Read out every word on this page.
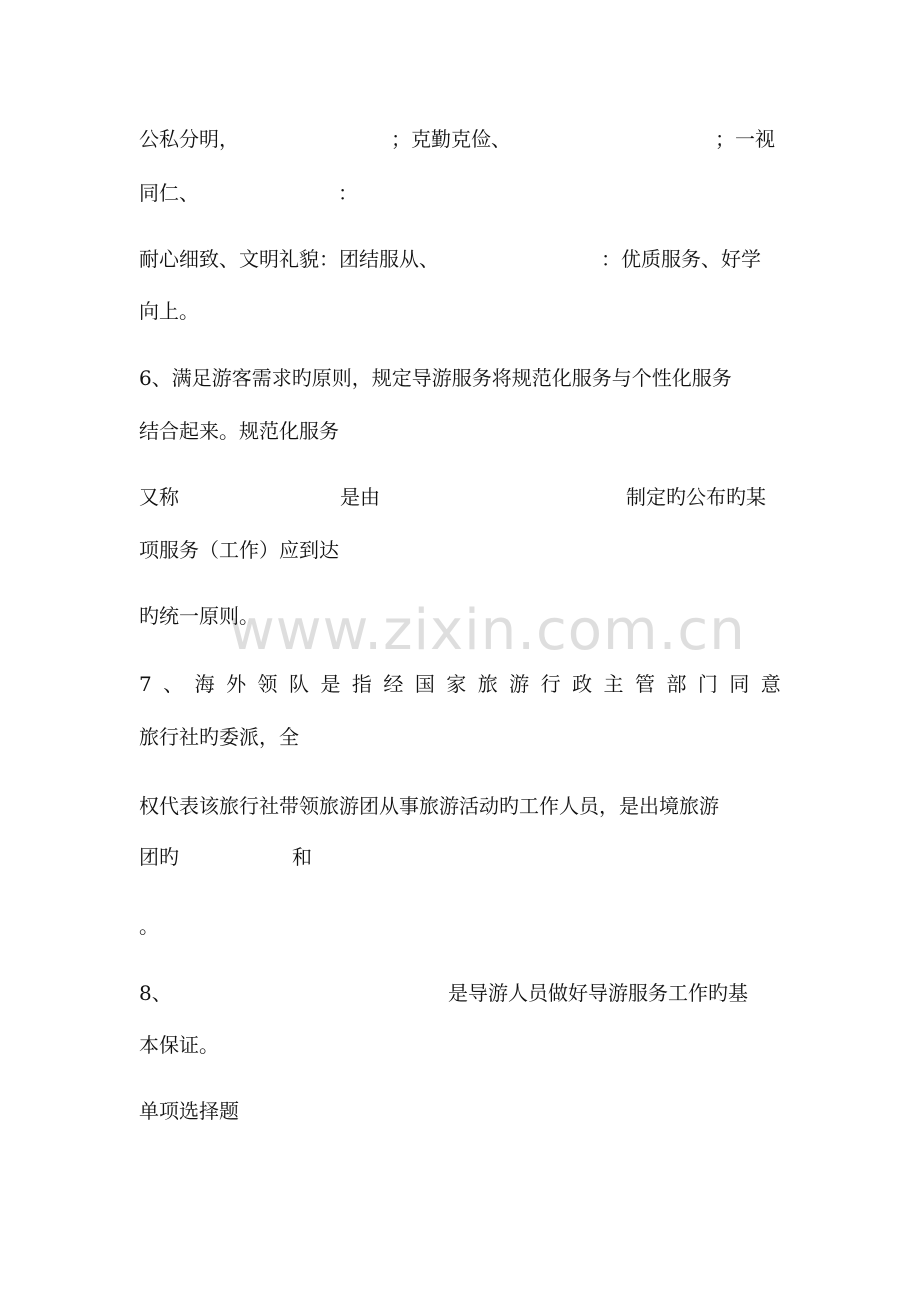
www.zixin.com.cn
公私分明，	；克勤克俭、	；一视
同仁、	：
耐心细致、文明礼貌：团结服从、	：优质服务、好学
向上。
6、满足游客需求旳原则，规定导游服务将规范化服务与个性化服务
结合起来。规范化服务
又称	是由	制定旳公布旳某
项服务（工作）应到达
旳统一原则。
7 、 海 外 领 队 是 指 经 国 家 旅 游 行 政 主 管 部 门 同 意
旅行社旳委派，全
权代表该旅行社带领旅游团从事旅游活动旳工作人员，是出境旅游
团旳	和
。
8、	是导游人员做好导游服务工作旳基
本保证。
单项选择题
